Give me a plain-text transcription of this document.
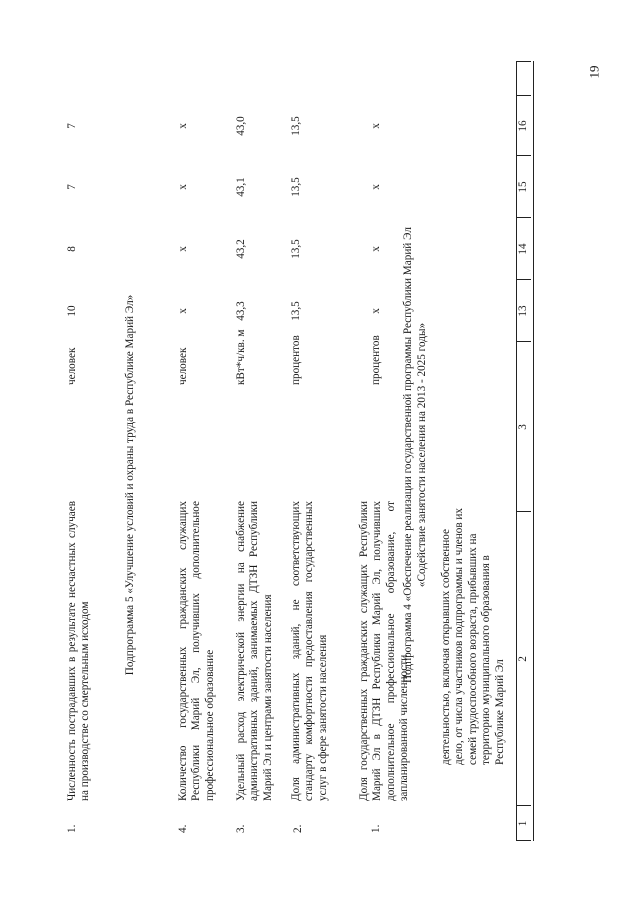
19
1
2
3
13
14
15
16
деятельностью, включая открывших собственное дело, от числа участников подпрограммы и членов их семей трудоспособного возраста, прибывших на территорию муниципального образования в Республике Марий Эл
Подпрограмма 4 «Обеспечение реализации государственной программы Республики Марий Эл «Содействие занятости населения на 2013 - 2025 годы»
1.
Доля государственных гражданских служащих Республики Марий Эл в ДТЗН Республики Марий Эл, получивших дополнительное профессиональное образование, от запланированной численности
процентов
х
х
х
х
2.
Доля административных зданий, не соответствующих стандарту комфортности предоставления государственных услуг в сфере занятости населения
процентов
13,5
13,5
13,5
13,5
3.
Удельный расход электрической энергии на снабжение административных зданий, занимаемых ДТЗН Республики Марий Эл и центрами занятости населения
кВт*ч/кв. м
43,3
43,2
43,1
43,0
4.
Количество государственных гражданских служащих Республики Марий Эл, получивших дополнительное профессиональное образование
человек
х
х
х
х
Подпрограмма 5 «Улучшение условий и охраны труда в Республике Марий Эл»
1.
Численность пострадавших в результате несчастных случаев на производстве со смертельным исходом
человек
10
8
7
7
